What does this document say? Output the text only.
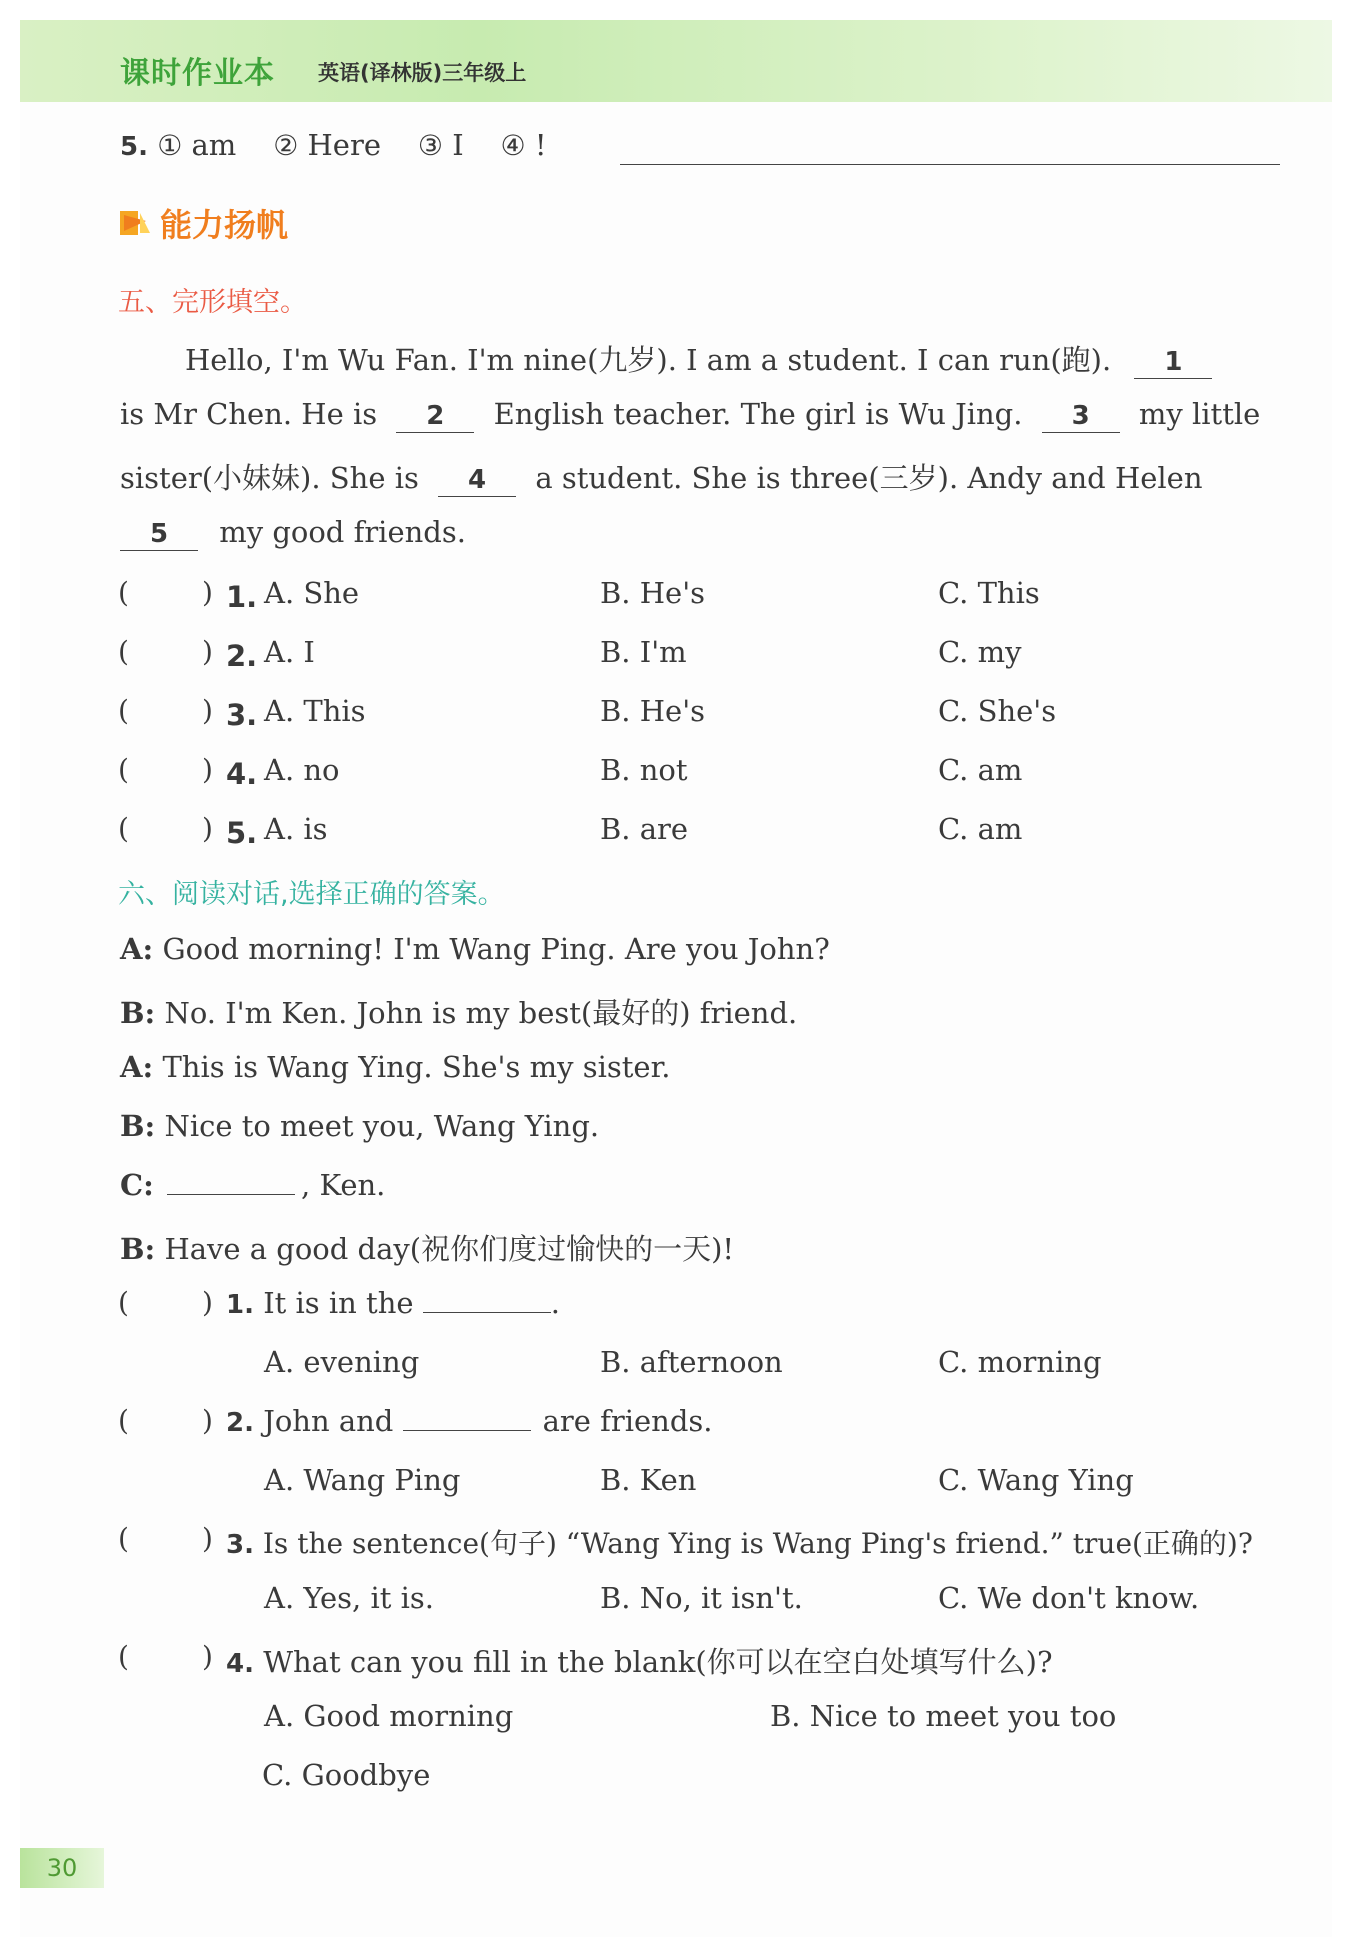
课时作业本 英语(译林版)三年级上
5. ① am ② Here ③ I ④ !
能力扬帆
五、完形填空。
Hello, I'm Wu Fan. I'm nine(九岁). I am a student. I can run(跑). 1
is Mr Chen. He is 2 English teacher. The girl is Wu Jing. 3 my little
sister(小妹妹). She is 4 a student. She is three(三岁). Andy and Helen
5 my good friends.
(	) 1. A. She	B. He's	C. This
(	) 2. A. I	B. I'm	C. my
(	) 3. A. This	B. He's	C. She's
(	) 4. A. no	B. not	C. am
(	) 5. A. is	B. are	C. am
六、阅读对话,选择正确的答案。
A: Good morning! I'm Wang Ping. Are you John?
B: No. I'm Ken. John is my best(最好的) friend.
A: This is Wang Ying. She's my sister.
B: Nice to meet you, Wang Ying.
C:	, Ken.
B: Have a good day(祝你们度过愉快的一天)!
(	) 1. It is in the	.
A. evening	B. afternoon	C. morning
(	) 2. John and	are friends.
A. Wang Ping	B. Ken	C. Wang Ying
(	) 3. Is the sentence(句子) “Wang Ying is Wang Ping's friend.” true(正确的)?
A. Yes, it is.	B. No, it isn't.	C. We don't know.
(	) 4. What can you fill in the blank(你可以在空白处填写什么)?
A. Good morning	B. Nice to meet you too
C. Goodbye
30
